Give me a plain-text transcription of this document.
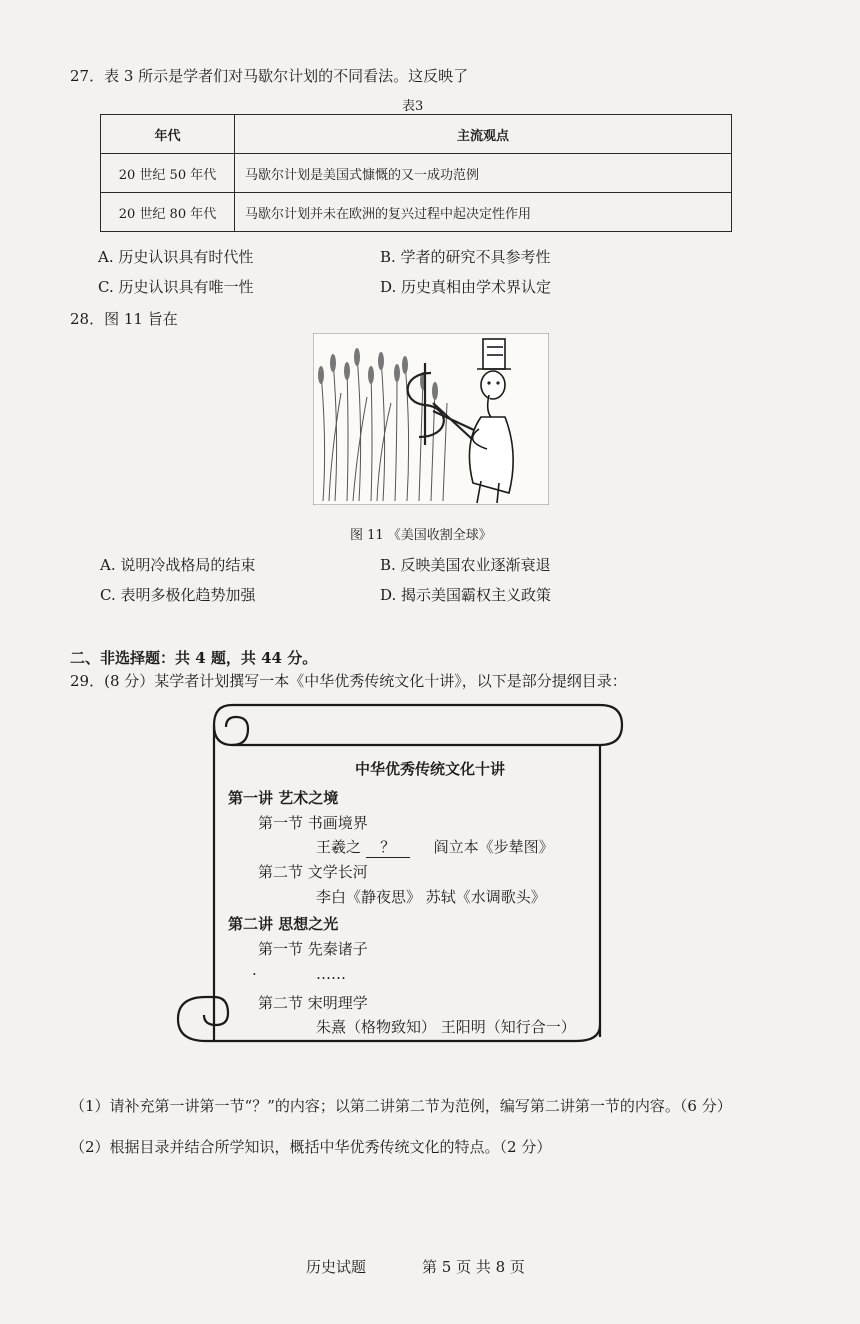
27．表 3 所示是学者们对马歇尔计划的不同看法。这反映了
表3
年代	主流观点
20 世纪 50 年代	马歇尔计划是美国式慷慨的又一成功范例
20 世纪 80 年代	马歇尔计划并未在欧洲的复兴过程中起决定性作用
A. 历史认识具有时代性	B. 学者的研究不具参考性
C. 历史认识具有唯一性	D. 历史真相由学术界认定
28．图 11 旨在
图 11 《美国收割全球》
A. 说明冷战格局的结束	B. 反映美国农业逐渐衰退
C. 表明多极化趋势加强	D. 揭示美国霸权主义政策
二、非选择题：共 4 题，共 44 分。
29．(8 分）某学者计划撰写一本《中华优秀传统文化十讲》，以下是部分提纲目录：
中华优秀传统文化十讲
第一讲 艺术之境
第一节 书画境界
王羲之 ？	阎立本《步辇图》
第二节 文学长河
李白《静夜思》 苏轼《水调歌头》
第二讲 思想之光
第一节 先秦诸子
·	……
第二节 宋明理学
朱熹（格物致知） 王阳明（知行合一）
（1）请补充第一讲第一节“？”的内容；以第二讲第二节为范例，编写第二讲第一节的内容。（6 分）
（2）根据目录并结合所学知识，概括中华优秀传统文化的特点。（2 分）
历史试题	第 5 页 共 8 页
